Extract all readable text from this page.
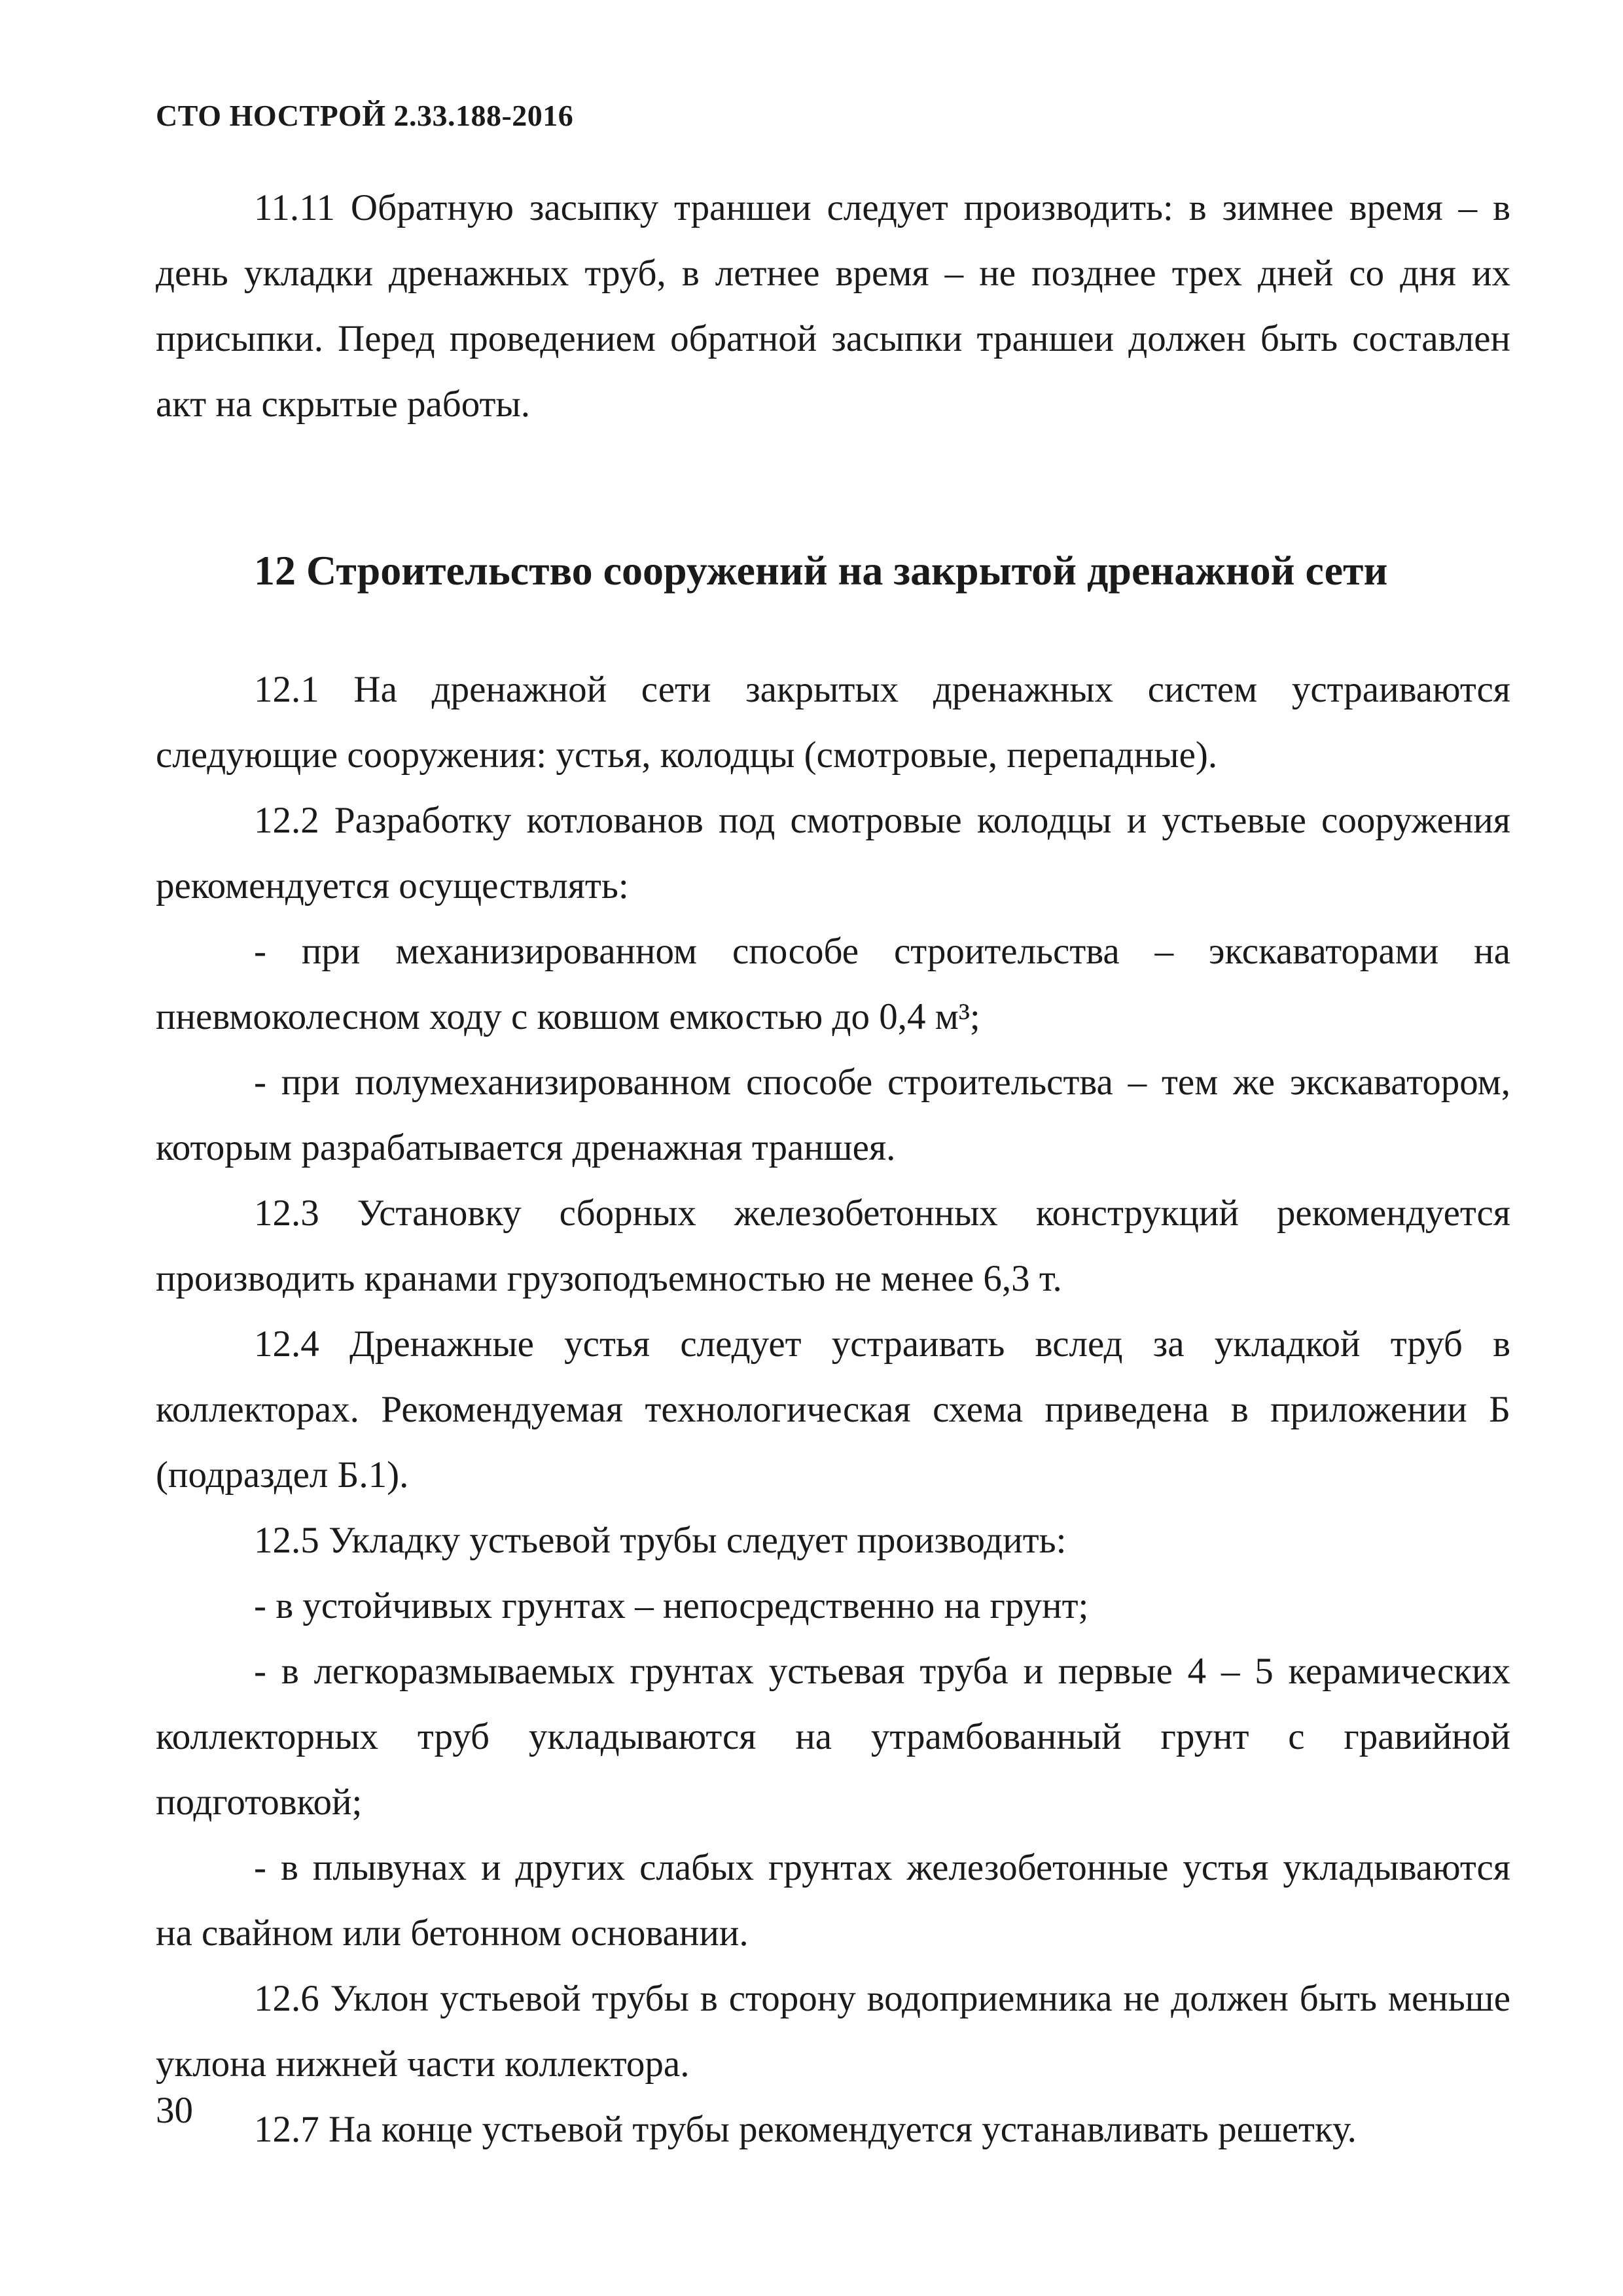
СТО НОСТРОЙ 2.33.188-2016

11.11 Обратную засыпку траншеи следует производить: в зимнее время – в день укладки дренажных труб, в летнее время – не позднее трех дней со дня их присыпки. Перед проведением обратной засыпки траншеи должен быть составлен акт на скрытые работы.

12 Строительство сооружений на закрытой дренажной сети

12.1 На дренажной сети закрытых дренажных систем устраиваются следующие сооружения: устья, колодцы (смотровые, перепадные).

12.2 Разработку котлованов под смотровые колодцы и устьевые сооружения рекомендуется осуществлять:

- при механизированном способе строительства – экскаваторами на пневмоколесном ходу с ковшом емкостью до 0,4 м³;

- при полумеханизированном способе строительства – тем же экскаватором, которым разрабатывается дренажная траншея.

12.3 Установку сборных железобетонных конструкций рекомендуется производить кранами грузоподъемностью не менее 6,3 т.

12.4 Дренажные устья следует устраивать вслед за укладкой труб в коллекторах. Рекомендуемая технологическая схема приведена в приложении Б (подраздел Б.1).

12.5 Укладку устьевой трубы следует производить:

- в устойчивых грунтах – непосредственно на грунт;

- в легкоразмываемых грунтах устьевая труба и первые 4 – 5 керамических коллекторных труб укладываются на утрамбованный грунт с гравийной подготовкой;

- в плывунах и других слабых грунтах железобетонные устья укладываются на свайном или бетонном основании.

12.6 Уклон устьевой трубы в сторону водоприемника не должен быть меньше уклона нижней части коллектора.

12.7 На конце устьевой трубы рекомендуется устанавливать решетку.

30
